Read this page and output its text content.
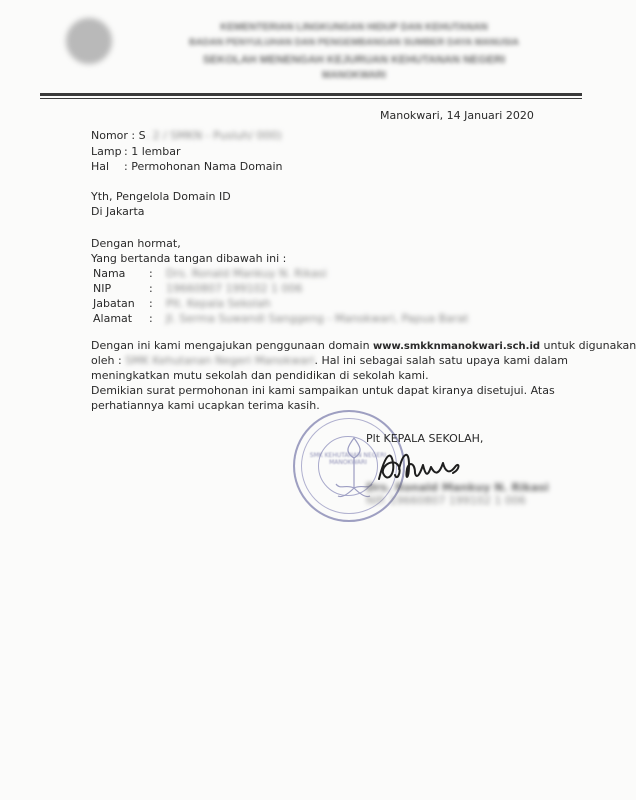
KEMENTERIAN LINGKUNGAN HIDUP DAN KEHUTANAN
BADAN PENYULUHAN DAN PENGEMBANGAN SUMBER DAYA MANUSIA
SEKOLAH MENENGAH KEJURUAN KEHUTANAN NEGERI
MANOKWARI
Manokwari, 14 Januari 2020
Nomor : S. 2 / SMKN - Pusluh/ 000)
Lamp : 1 lembar
Hal : Permohonan Nama Domain
Yth, Pengelola Domain ID
Di Jakarta
Dengan hormat,
Yang bertanda tangan dibawah ini :
Nama : Drs. Ronald Mankuy N. Rikasi
NIP	: 19660807 199102 1 006
Jabatan : Plt. Kepala Sekolah
Alamat : Jl. Serma Suwandi Sanggeng - Manokwari, Papua Barat
Dengan ini kami mengajukan penggunaan domain www.smkknmanokwari.sch.id untuk digunakan
oleh : SMK Kehutanan Negeri Manokwari. Hal ini sebagai salah satu upaya kami dalam
meningkatkan mutu sekolah dan pendidikan di sekolah kami.
Demikian surat permohonan ini kami sampaikan untuk dapat kiranya disetujui. Atas
perhatiannya kami ucapkan terima kasih.
SMK KEHUTANAN NEGERI MANOKWARI
Plt KEPALA SEKOLAH,
Drs. Ronald Mankuy N. Rikasi
NIP. 19660807 199102 1 006
